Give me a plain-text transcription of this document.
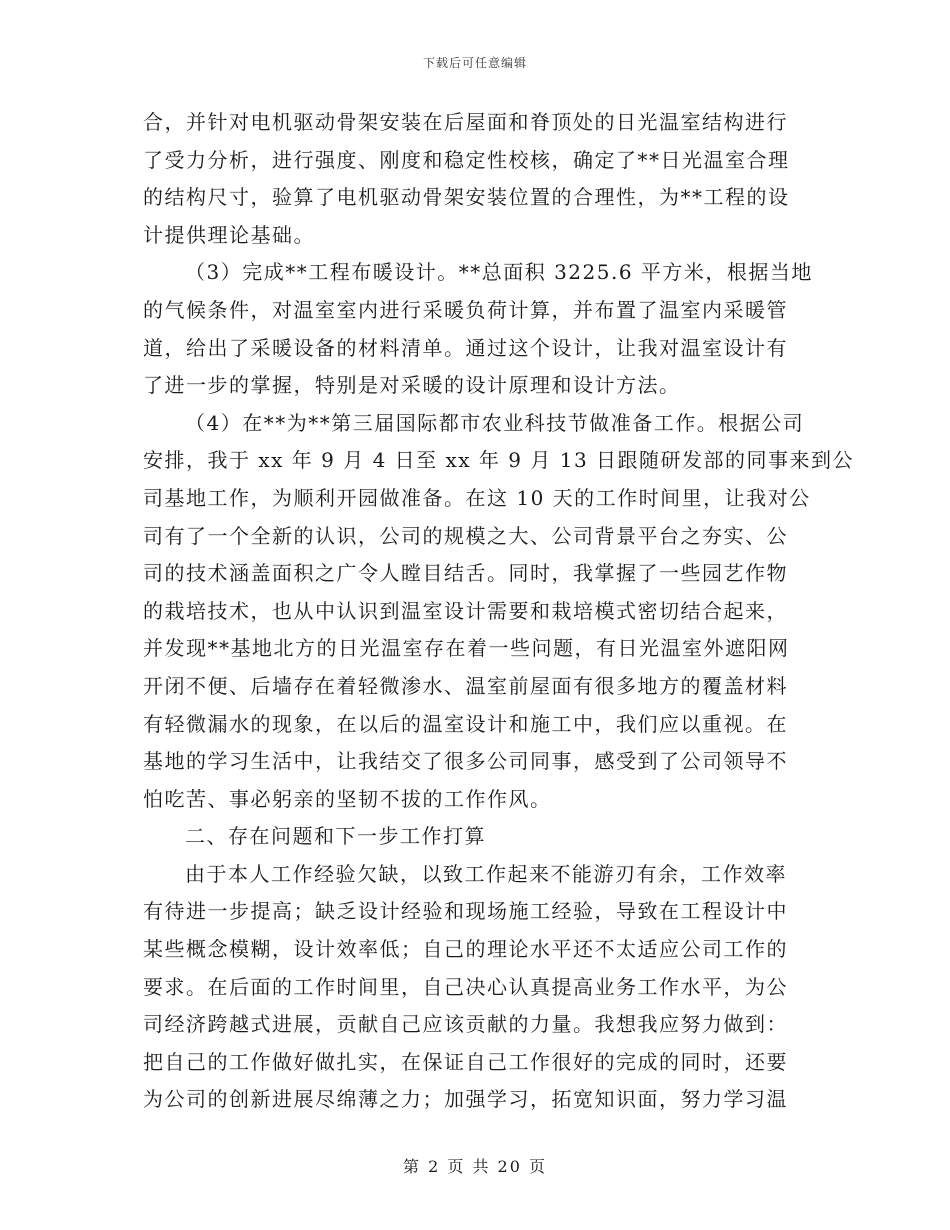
下载后可任意编辑
合，并针对电机驱动骨架安装在后屋面和脊顶处的日光温室结构进行
了受力分析，进行强度、刚度和稳定性校核，确定了**日光温室合理
的结构尺寸，验算了电机驱动骨架安装位置的合理性，为**工程的设
计提供理论基础。
（3）完成**工程布暖设计。**总面积 3225.6 平方米，根据当地
的气候条件，对温室室内进行采暖负荷计算，并布置了温室内采暖管
道，给出了采暖设备的材料清单。通过这个设计，让我对温室设计有
了进一步的掌握，特别是对采暖的设计原理和设计方法。
（4）在**为**第三届国际都市农业科技节做准备工作。根据公司
安排，我于 xx 年 9 月 4 日至 xx 年 9 月 13 日跟随研发部的同事来到公
司基地工作，为顺利开园做准备。在这 10 天的工作时间里，让我对公
司有了一个全新的认识，公司的规模之大、公司背景平台之夯实、公
司的技术涵盖面积之广令人瞠目结舌。同时，我掌握了一些园艺作物
的栽培技术，也从中认识到温室设计需要和栽培模式密切结合起来，
并发现**基地北方的日光温室存在着一些问题，有日光温室外遮阳网
开闭不便、后墙存在着轻微渗水、温室前屋面有很多地方的覆盖材料
有轻微漏水的现象，在以后的温室设计和施工中，我们应以重视。在
基地的学习生活中，让我结交了很多公司同事，感受到了公司领导不
怕吃苦、事必躬亲的坚韧不拔的工作作风。
二、存在问题和下一步工作打算
由于本人工作经验欠缺，以致工作起来不能游刃有余，工作效率
有待进一步提高；缺乏设计经验和现场施工经验，导致在工程设计中
某些概念模糊，设计效率低；自己的理论水平还不太适应公司工作的
要求。在后面的工作时间里，自己决心认真提高业务工作水平，为公
司经济跨越式进展，贡献自己应该贡献的力量。我想我应努力做到：
把自己的工作做好做扎实，在保证自己工作很好的完成的同时，还要
为公司的创新进展尽绵薄之力；加强学习，拓宽知识面，努力学习温
第 2 页 共 20 页
